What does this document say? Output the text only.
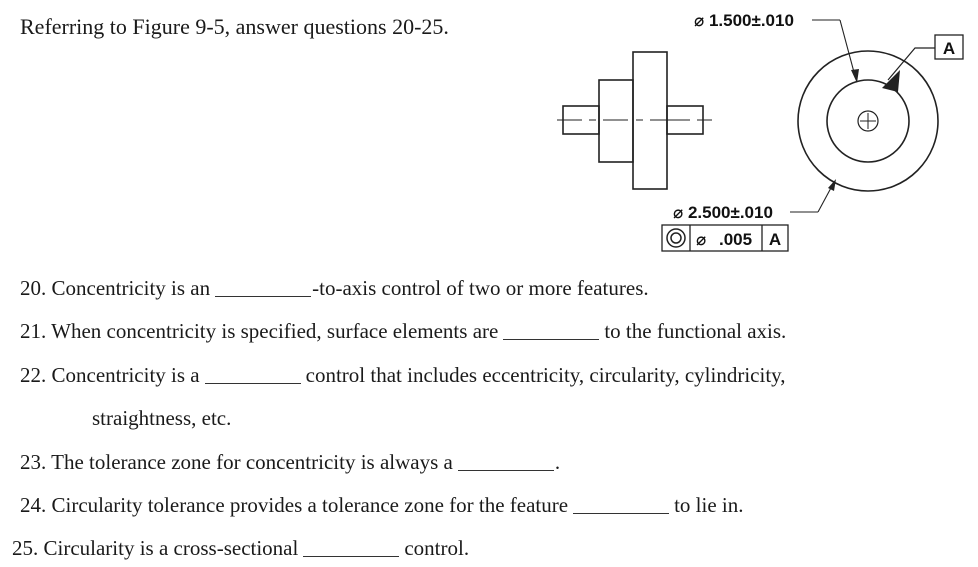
Referring to Figure 9-5, answer questions 20-25.	⌀ 1.500±.010
A
⌀ 2.500±.010
⌀ .005 A
20. Concentricity is an	-to-axis control of two or more features.
21. When concentricity is specified, surface elements are	to the functional axis.
22. Concentricity is a	control that includes eccentricity, circularity, cylindricity,
straightness, etc.
23. The tolerance zone for concentricity is always a	.
24. Circularity tolerance provides a tolerance zone for the feature	to lie in.
25. Circularity is a cross-sectional	control.
